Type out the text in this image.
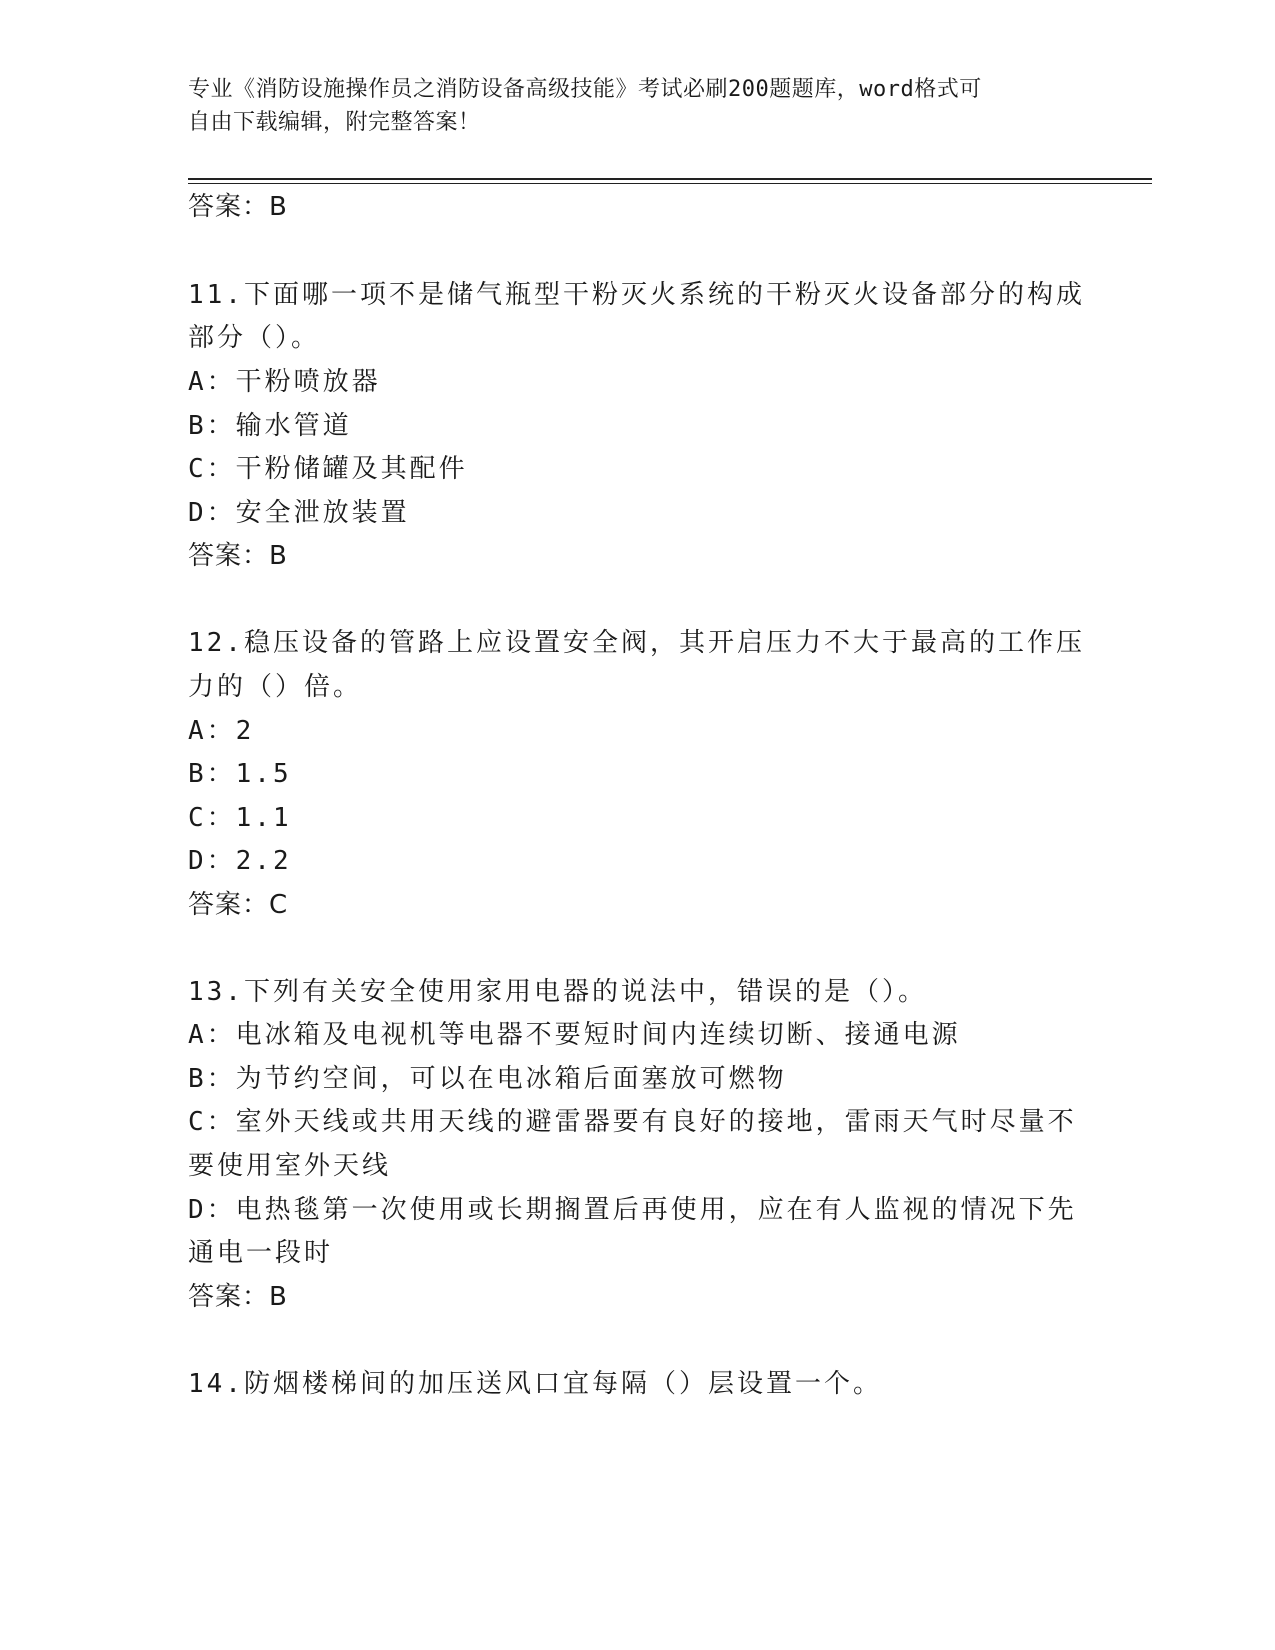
专业《消防设施操作员之消防设备高级技能》考试必刷200题题库，word格式可
自由下载编辑，附完整答案！
答案：B
11.下面哪一项不是储气瓶型干粉灭火系统的干粉灭火设备部分的构成
部分（）。
A：干粉喷放器
B：输水管道
C：干粉储罐及其配件
D：安全泄放装置
答案：B
12.稳压设备的管路上应设置安全阀，其开启压力不大于最高的工作压
力的（）倍。
A：2
B：1.5
C：1.1
D：2.2
答案：C
13.下列有关安全使用家用电器的说法中，错误的是（）。
A：电冰箱及电视机等电器不要短时间内连续切断、接通电源
B：为节约空间，可以在电冰箱后面塞放可燃物
C：室外天线或共用天线的避雷器要有良好的接地，雷雨天气时尽量不
要使用室外天线
D：电热毯第一次使用或长期搁置后再使用，应在有人监视的情况下先
通电一段时
答案：B
14.防烟楼梯间的加压送风口宜每隔（）层设置一个。
